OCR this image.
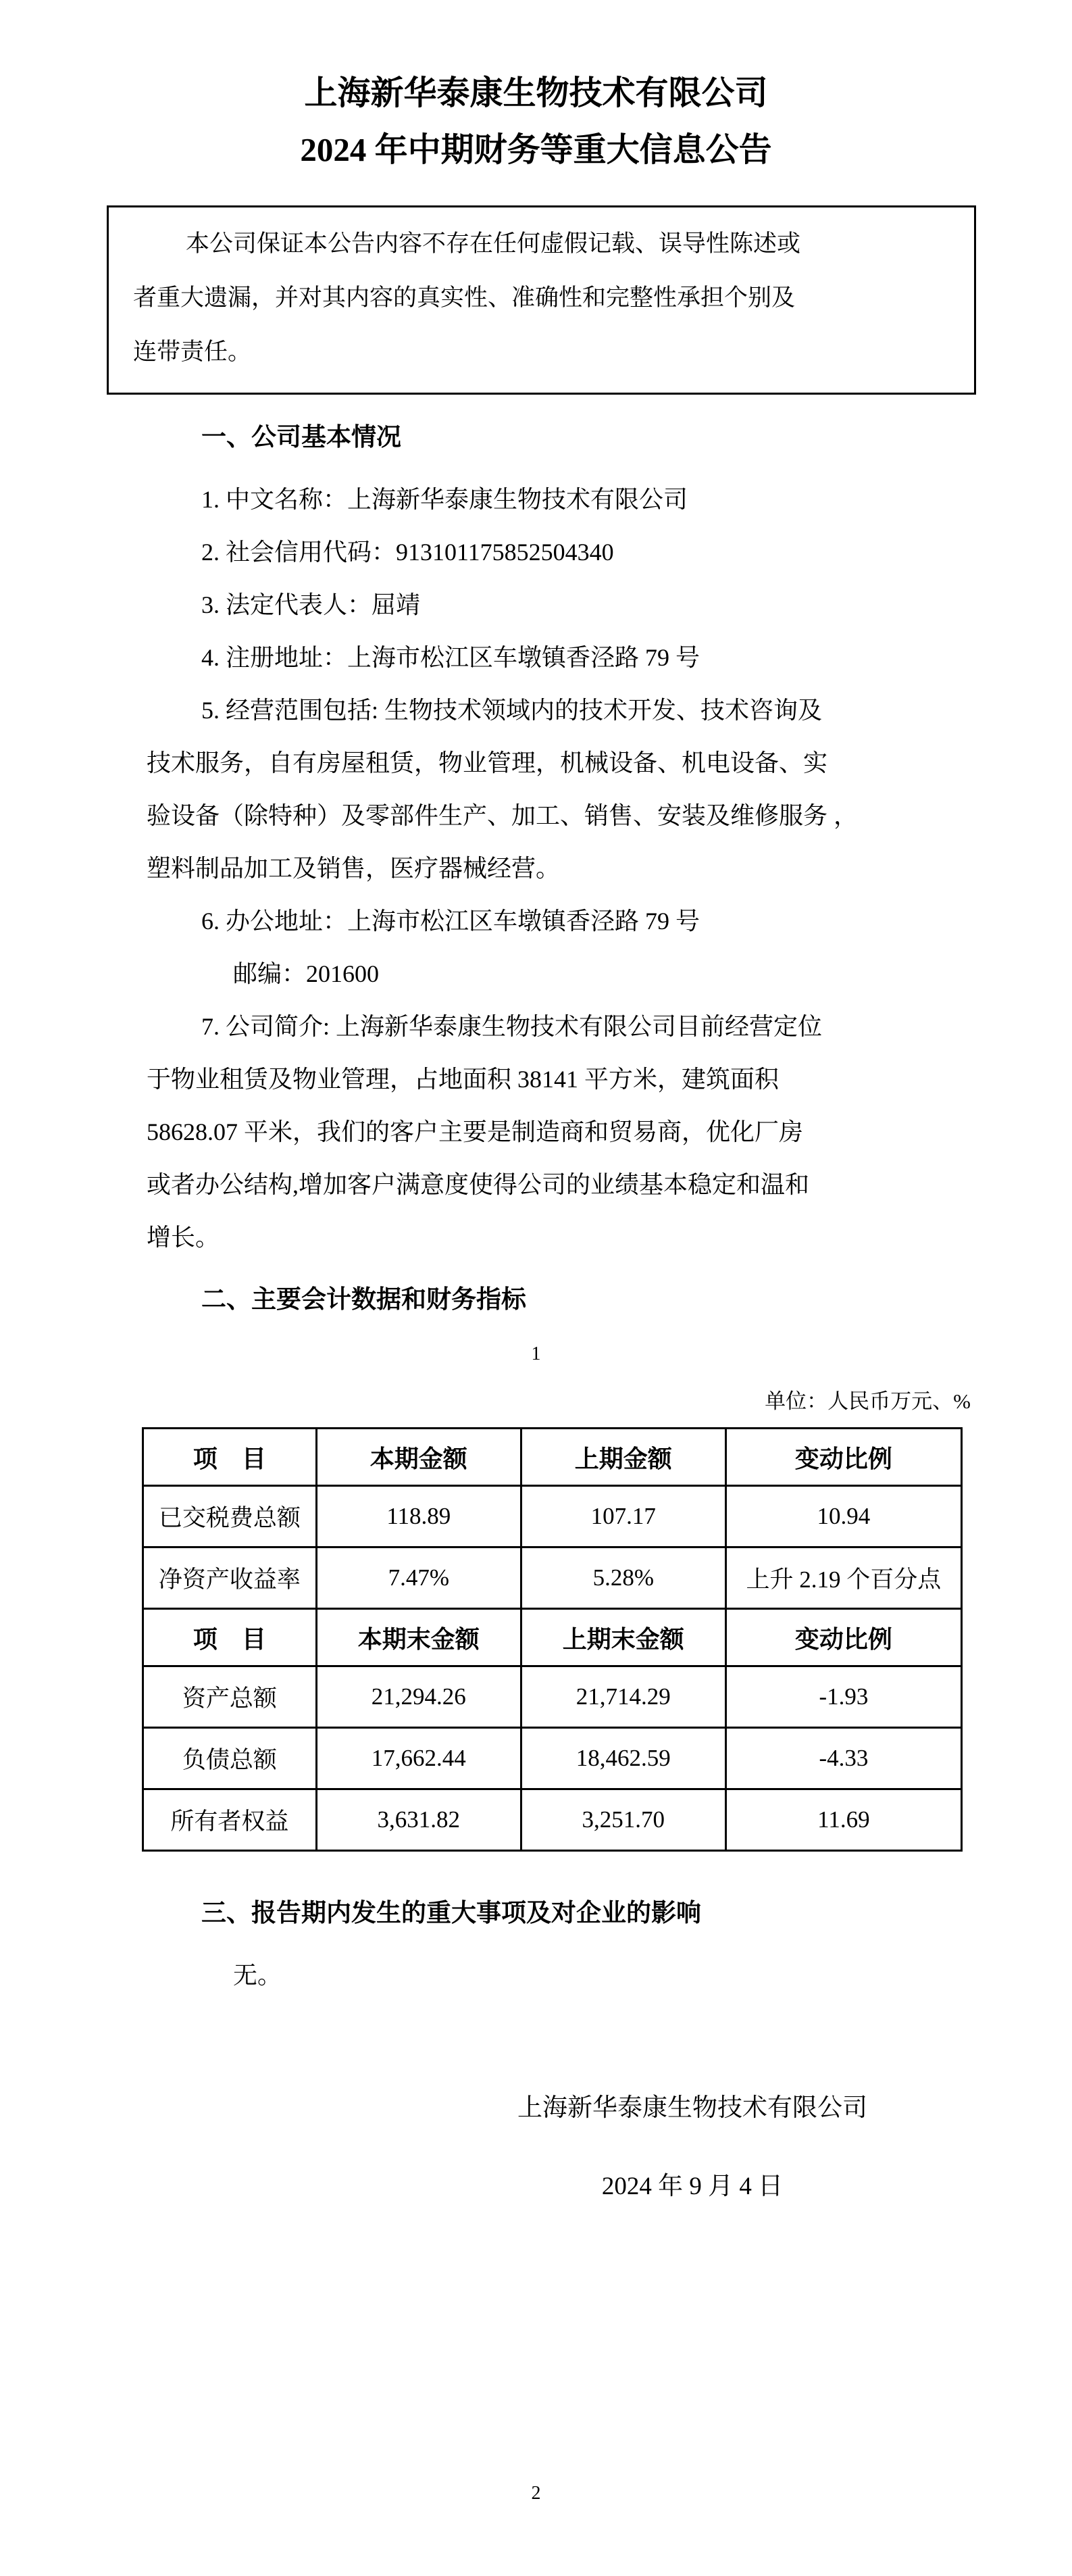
上海新华泰康生物技术有限公司
2024 年中期财务等重大信息公告
本公司保证本公告内容不存在任何虚假记载、误导性陈述或
者重大遗漏，并对其内容的真实性、准确性和完整性承担个别及
连带责任。
一、公司基本情况
1. 中文名称：上海新华泰康生物技术有限公司
2. 社会信用代码：913101175852504340
3. 法定代表人：屈靖
4. 注册地址：上海市松江区车墩镇香泾路 79 号
5. 经营范围包括: 生物技术领域内的技术开发、技术咨询及
技术服务，自有房屋租赁，物业管理，机械设备、机电设备、实
验设备（除特种）及零部件生产、加工、销售、安装及维修服务 ，
塑料制品加工及销售，医疗器械经营。
6. 办公地址：上海市松江区车墩镇香泾路 79 号
邮编：201600
7. 公司简介: 上海新华泰康生物技术有限公司目前经营定位
于物业租赁及物业管理，占地面积 38141 平方米，建筑面积
58628.07 平米，我们的客户主要是制造商和贸易商，优化厂房
或者办公结构,增加客户满意度使得公司的业绩基本稳定和温和
增长。
二、主要会计数据和财务指标
1
单位：人民币万元、%
项　目	本期金额	上期金额	变动比例
已交税费总额	118.89	107.17	10.94
净资产收益率	7.47%	5.28%	上升 2.19 个百分点
项　目	本期末金额	上期末金额	变动比例
资产总额	21,294.26	21,714.29	-1.93
负债总额	17,662.44	18,462.59	-4.33
所有者权益	3,631.82	3,251.70	11.69
三、报告期内发生的重大事项及对企业的影响
无。
上海新华泰康生物技术有限公司
2024 年 9 月 4 日
2
